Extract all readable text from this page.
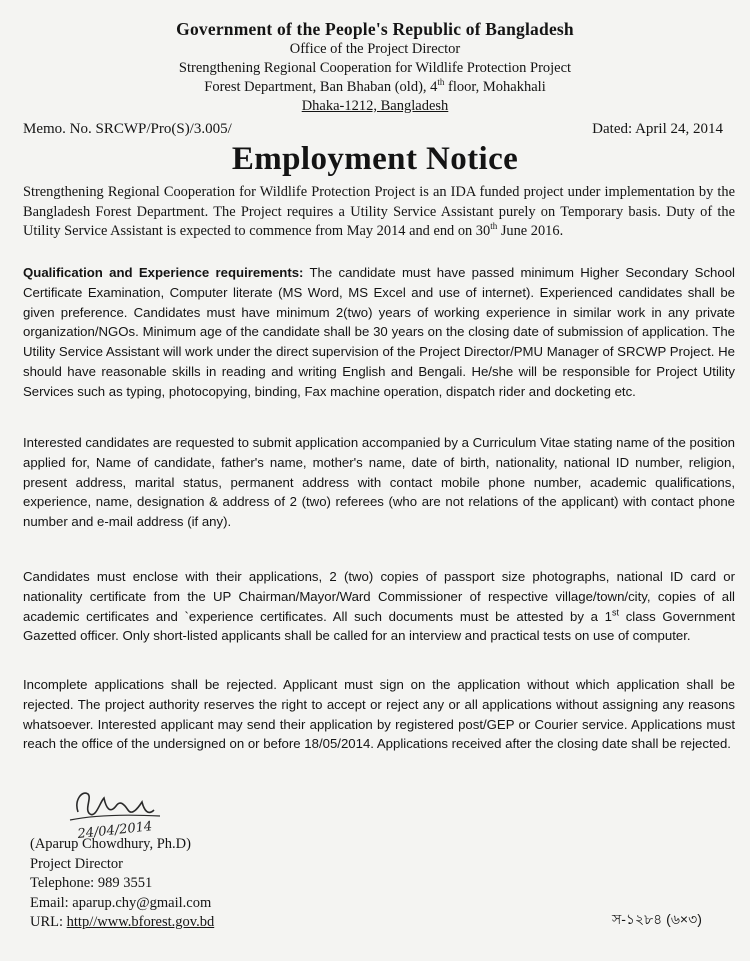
Government of the People's Republic of Bangladesh
Office of the Project Director
Strengthening Regional Cooperation for Wildlife Protection Project
Forest Department, Ban Bhaban (old), 4th floor, Mohakhali
Dhaka-1212, Bangladesh
Memo. No. SRCWP/Pro(S)/3.005/	Dated: April 24, 2014
Employment Notice
Strengthening Regional Cooperation for Wildlife Protection Project is an IDA funded project under implementation by the Bangladesh Forest Department. The Project requires a Utility Service Assistant purely on Temporary basis. Duty of the Utility Service Assistant is expected to commence from May 2014 and end on 30th June 2016.
Qualification and Experience requirements: The candidate must have passed minimum Higher Secondary School Certificate Examination, Computer literate (MS Word, MS Excel and use of internet). Experienced candidates shall be given preference. Candidates must have minimum 2(two) years of working experience in similar work in any private organization/NGOs. Minimum age of the candidate shall be 30 years on the closing date of submission of application. The Utility Service Assistant will work under the direct supervision of the Project Director/PMU Manager of SRCWP Project. He should have reasonable skills in reading and writing English and Bengali. He/she will be responsible for Project Utility Services such as typing, photocopying, binding, Fax machine operation, dispatch rider and docketing etc.
Interested candidates are requested to submit application accompanied by a Curriculum Vitae stating name of the position applied for, Name of candidate, father's name, mother's name, date of birth, nationality, national ID number, religion, present address, marital status, permanent address with contact mobile phone number, academic qualifications, experience, name, designation & address of 2 (two) referees (who are not relations of the applicant) with contact phone number and e-mail address (if any).
Candidates must enclose with their applications, 2 (two) copies of passport size photographs, national ID card or nationality certificate from the UP Chairman/Mayor/Ward Commissioner of respective village/town/city, copies of all academic certificates and `experience certificates. All such documents must be attested by a 1st class Government Gazetted officer. Only short-listed applicants shall be called for an interview and practical tests on use of computer.
Incomplete applications shall be rejected. Applicant must sign on the application without which application shall be rejected. The project authority reserves the right to accept or reject any or all applications without assigning any reasons whatsoever. Interested applicant may send their application by registered post/GEP or Courier service. Applications must reach the office of the undersigned on or before 18/05/2014. Applications received after the closing date shall be rejected.
24/04/2014
(Aparup Chowdhury, Ph.D)
Project Director
Telephone: 989 3551
Email: aparup.chy@gmail.com
URL: http//www.bforest.gov.bd	স-১২৮৪ (৬×৩)
